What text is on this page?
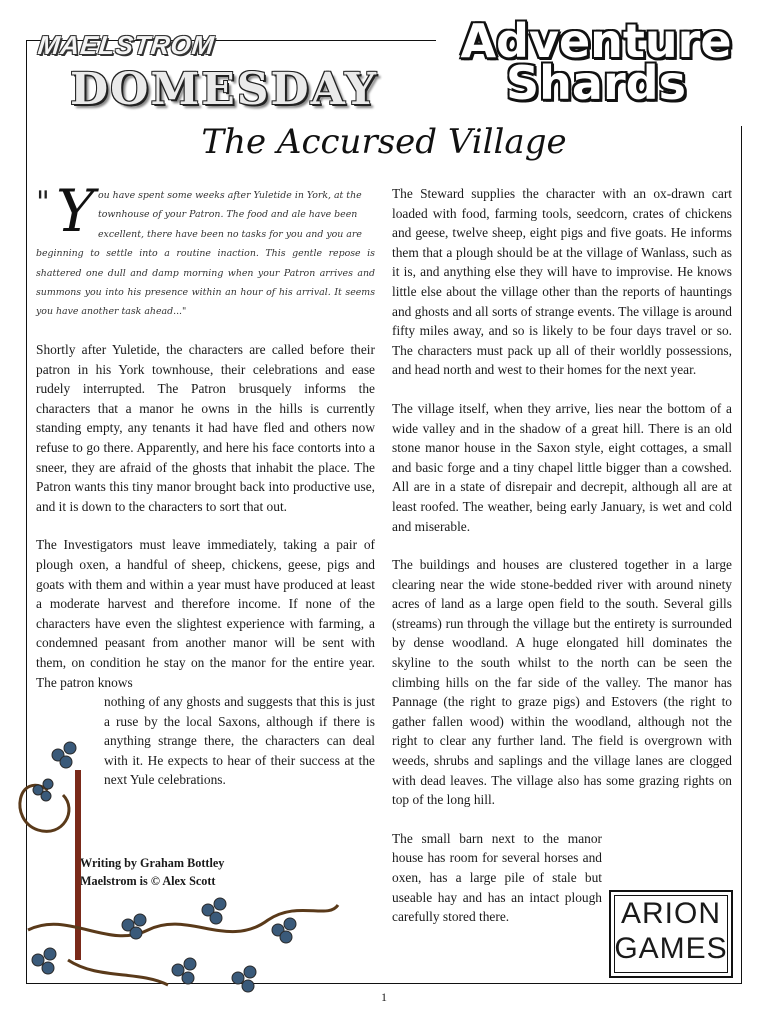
MAELSTROM
DOMESDAY
Adventure
Shards
The Accursed Village
" Y ou have spent some weeks after Yuletide in York, at the
townhouse of your Patron. The food and ale have been
excellent, there have been no tasks for you and you are
beginning to settle into a routine inaction. This gentle repose is shattered one dull and damp morning when your Patron arrives and summons you into his presence within an hour of his arrival. It seems you have another task ahead..."

Shortly after Yuletide, the characters are called before their patron in his York townhouse, their celebrations and ease rudely interrupted. The Patron brusquely informs the characters that a manor he owns in the hills is currently standing empty, any tenants it had have fled and others now refuse to go there. Apparently, and here his face contorts into a sneer, they are afraid of the ghosts that inhabit the place. The Patron wants this tiny manor brought back into productive use, and it is down to the characters to sort that out.

The Investigators must leave immediately, taking a pair of plough oxen, a handful of sheep, chickens, geese, pigs and goats with them and within a year must have produced at least a moderate harvest and therefore income. If none of the characters have even the slightest experience with farming, a condemned peasant from another manor will be sent with them, on condition he stay on the manor for the entire year. The patron knows

nothing of any ghosts and suggests that this is just a ruse by the local Saxons, although if there is anything strange there, the characters can deal with it. He expects to hear of their success at the next Yule celebrations.

The Steward supplies the character with an ox-drawn cart loaded with food, farming tools, seedcorn, crates of chickens and geese, twelve sheep, eight pigs and five goats. He informs them that a plough should be at the village of Wanlass, such as it is, and anything else they will have to improvise. He knows little else about the village other than the reports of hauntings and ghosts and all sorts of strange events. The village is around fifty miles away, and so is likely to be four days travel or so. The characters must pack up all of their worldly possessions, and head north and west to their homes for the next year.

The village itself, when they arrive, lies near the bottom of a wide valley and in the shadow of a great hill. There is an old stone manor house in the Saxon style, eight cottages, a small and basic forge and a tiny chapel little bigger than a cowshed. All are in a state of disrepair and decrepit, although all are at least roofed. The weather, being early January, is wet and cold and miserable.

The buildings and houses are clustered together in a large clearing near the wide stone-bedded river with around ninety acres of land as a large open field to the south. Several gills (streams) run through the village but the entirety is surrounded by dense woodland. A huge elongated hill dominates the skyline to the south whilst to the north can be seen the climbing hills on the far side of the valley. The manor has Pannage (the right to graze pigs) and Estovers (the right to gather fallen wood) within the woodland, although not the right to clear any further land. The field is overgrown with weeds, shrubs and saplings and the village lanes are clogged with dead leaves. The village also has some grazing rights on top of the long hill.

The small barn next to the manor house has room for several horses and oxen, has a large pile of stale but useable hay and has an intact plough carefully stored there.

Writing by Graham Bottley
Maelstrom is © Alex Scott
ARION
GAMES
1
